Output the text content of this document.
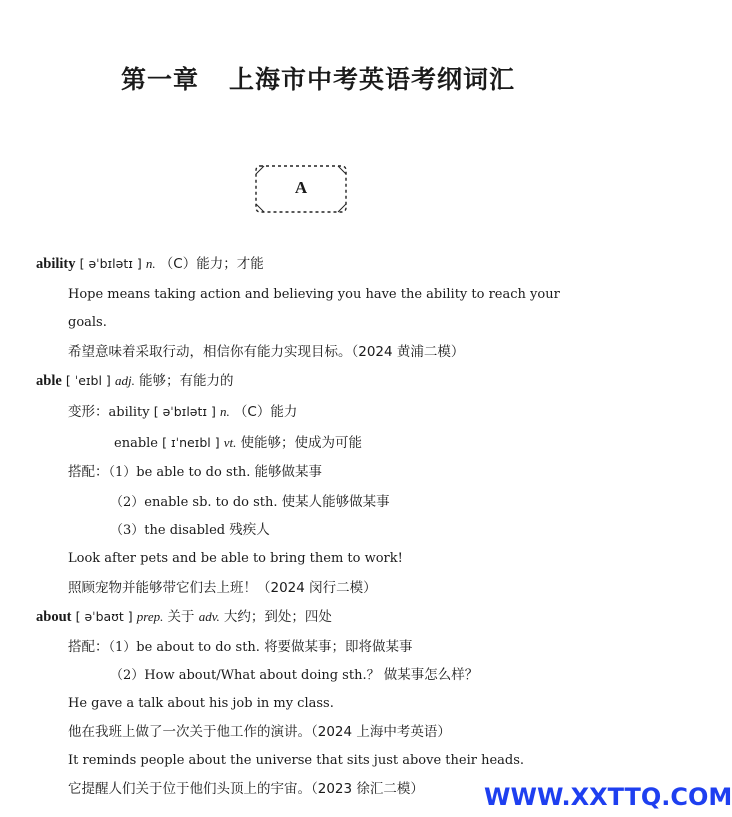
第一章 上海市中考英语考纲词汇
A
ability [ əˈbɪlətɪ ] n. （C）能力；才能
Hope means taking action and believing you have the ability to reach your
goals.
希望意味着采取行动，相信你有能力实现目标。（2024 黄浦二模）
able [ ˈeɪbl ] adj. 能够；有能力的
变形：ability [ əˈbɪlətɪ ] n. （C）能力
enable [ ɪˈneɪbl ] vt. 使能够；使成为可能
搭配：（1）be able to do sth. 能够做某事
（2）enable sb. to do sth. 使某人能够做某事
（3）the disabled 残疾人
Look after pets and be able to bring them to work!
照顾宠物并能够带它们去上班！（2024 闵行二模）
about [ əˈbaʊt ] prep. 关于 adv. 大约；到处；四处
搭配：（1）be about to do sth. 将要做某事；即将做某事
（2）How about/What about doing sth.？ 做某事怎么样？
He gave a talk about his job in my class.
他在我班上做了一次关于他工作的演讲。（2024 上海中考英语）
It reminds people about the universe that sits just above their heads.
它提醒人们关于位于他们头顶上的宇宙。（2023 徐汇二模）	WWW.XXTTQ.COM
